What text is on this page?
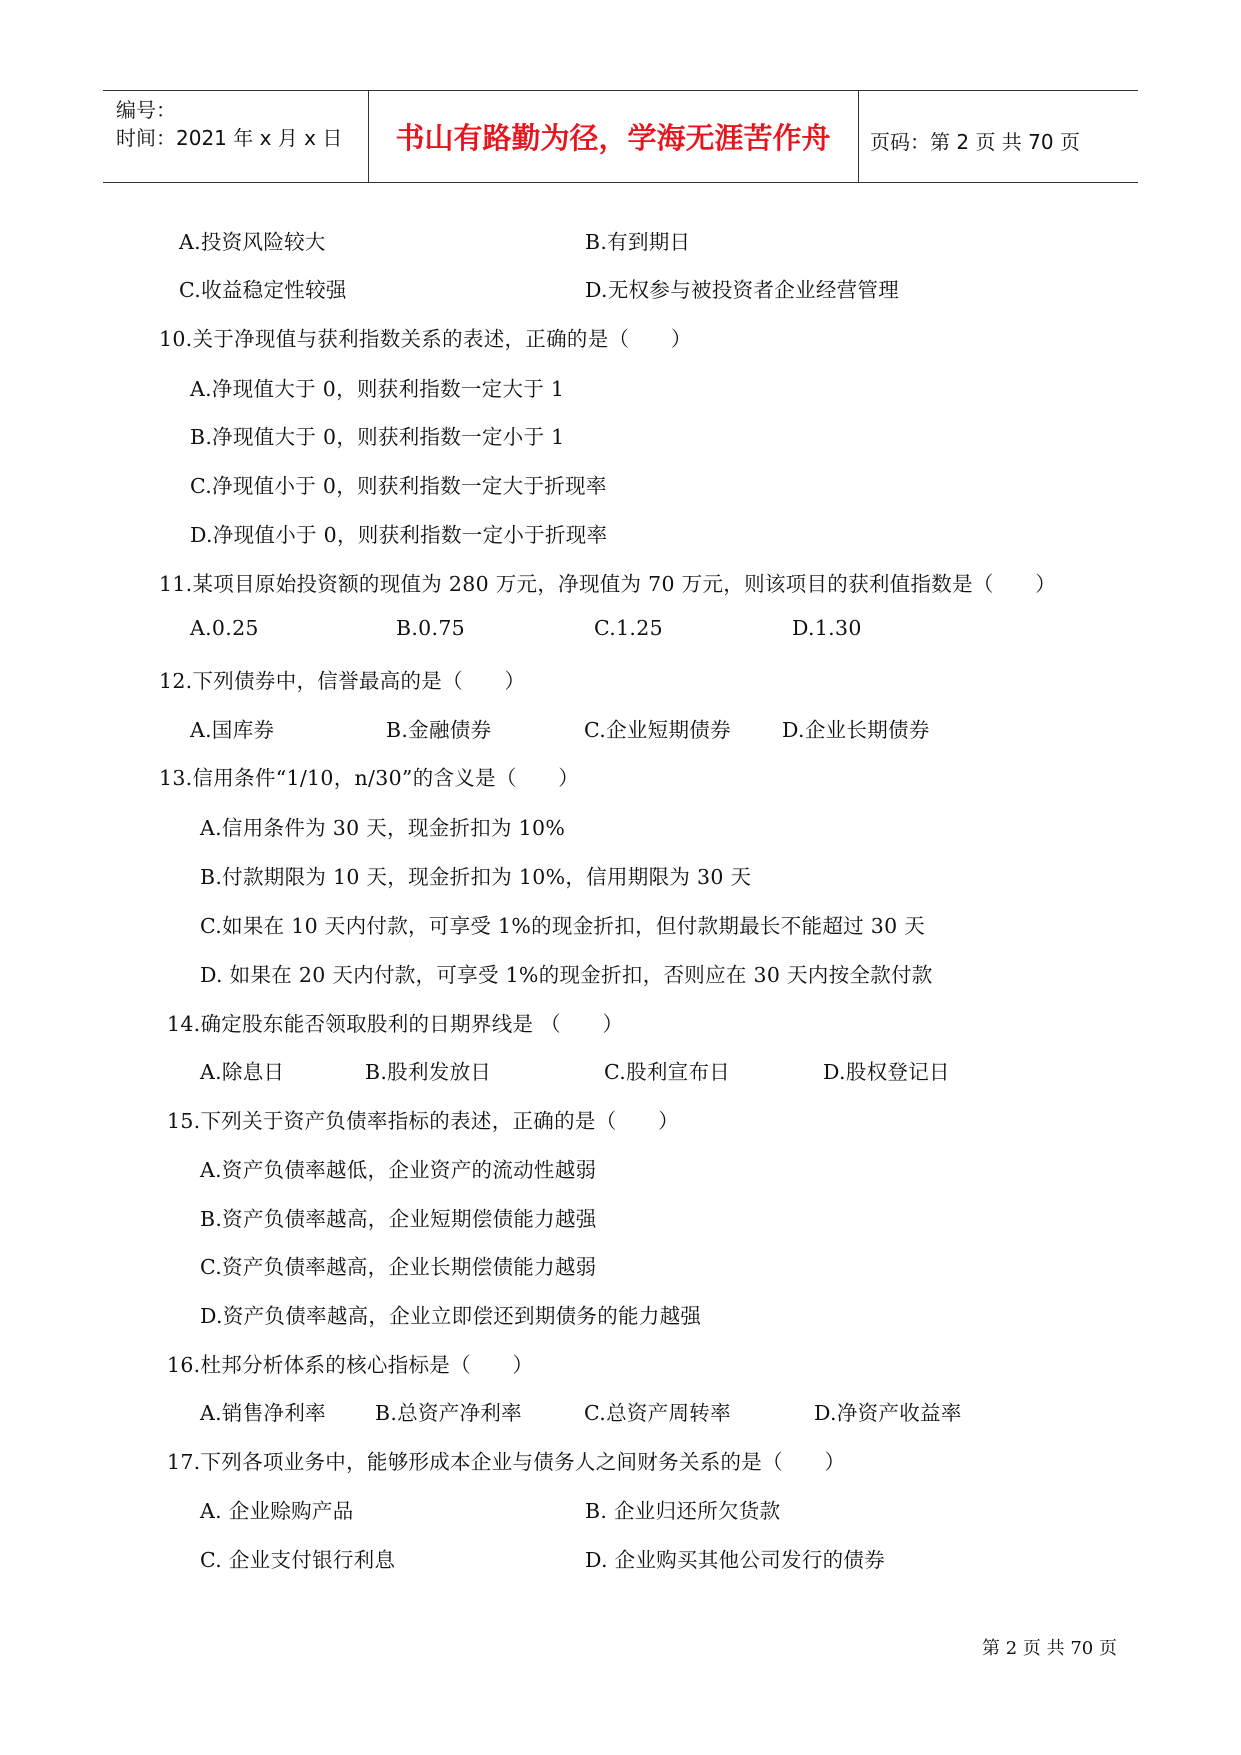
编号：
时间：2021 年 x 月 x 日	书山有路勤为径，学海无涯苦作舟	页码：第 2 页 共 70 页
A.投资风险较大	B.有到期日
C.收益稳定性较强	D.无权参与被投资者企业经营管理
10.关于净现值与获利指数关系的表述，正确的是（　　）
A.净现值大于 0，则获利指数一定大于 1
B.净现值大于 0，则获利指数一定小于 1
C.净现值小于 0，则获利指数一定大于折现率
D.净现值小于 0，则获利指数一定小于折现率
11.某项目原始投资额的现值为 280 万元，净现值为 70 万元，则该项目的获利值指数是（　　）
A.0.25	B.0.75	C.1.25	D.1.30
12.下列债券中，信誉最高的是（　　）
A.国库券	B.金融债券	C.企业短期债券 D.企业长期债券
13.信用条件“1/10，n/30”的含义是（　　）
A.信用条件为 30 天，现金折扣为 10%
B.付款期限为 10 天，现金折扣为 10%，信用期限为 30 天
C.如果在 10 天内付款，可享受 1%的现金折扣，但付款期最长不能超过 30 天
D. 如果在 20 天内付款，可享受 1%的现金折扣，否则应在 30 天内按全款付款
14.确定股东能否领取股利的日期界线是 （　　）
A.除息日	B.股利发放日	C.股利宣布日	D.股权登记日
15.下列关于资产负债率指标的表述，正确的是（　　）
A.资产负债率越低，企业资产的流动性越弱
B.资产负债率越高，企业短期偿债能力越强
C.资产负债率越高，企业长期偿债能力越弱
D.资产负债率越高，企业立即偿还到期债务的能力越强
16.杜邦分析体系的核心指标是（　　）
A.销售净利率 B.总资产净利率	C.总资产周转率	D.净资产收益率
17.下列各项业务中，能够形成本企业与债务人之间财务关系的是（　　）
A. 企业赊购产品	B. 企业归还所欠货款
C. 企业支付银行利息	D. 企业购买其他公司发行的债券
第 2 页 共 70 页
